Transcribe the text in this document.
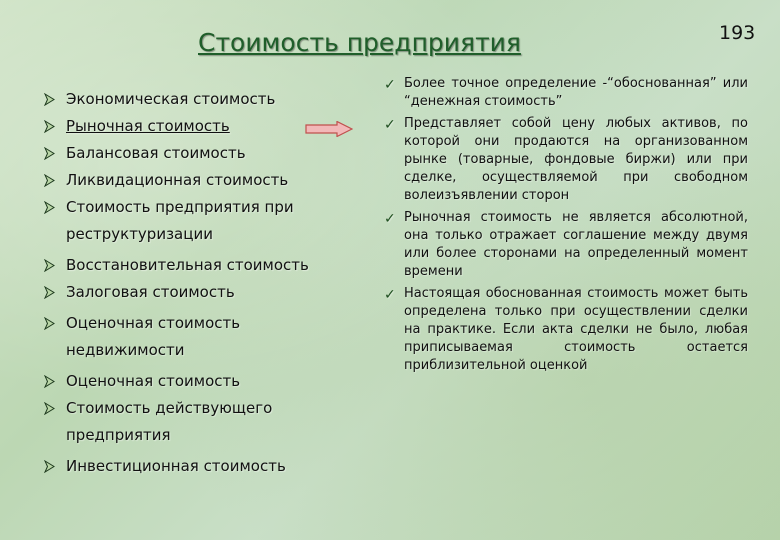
Стоимость предприятия	193
Экономическая стоимость
Рыночная стоимость
Балансовая стоимость
Ликвидационная стоимость
Стоимость предприятия при реструктуризации
Восстановительная стоимость
Залоговая стоимость
Оценочная стоимость недвижимости
Оценочная стоимость
Стоимость действующего предприятия
Инвестиционная стоимость
✓ Более точное определение -“обоснованная” или “денежная стоимость”
✓ Представляет собой цену любых активов, по которой они продаются на организованном рынке (товарные, фондовые биржи) или при сделке, осуществляемой при свободном волеизъявлении сторон
✓ Рыночная стоимость не является абсолютной, она только отражает соглашение между двумя или более сторонами на определенный момент времени
✓ Настоящая обоснованная стоимость может быть определена только при осуществлении сделки на практике. Если акта сделки не было, любая приписываемая стоимость остается приблизительной оценкой
